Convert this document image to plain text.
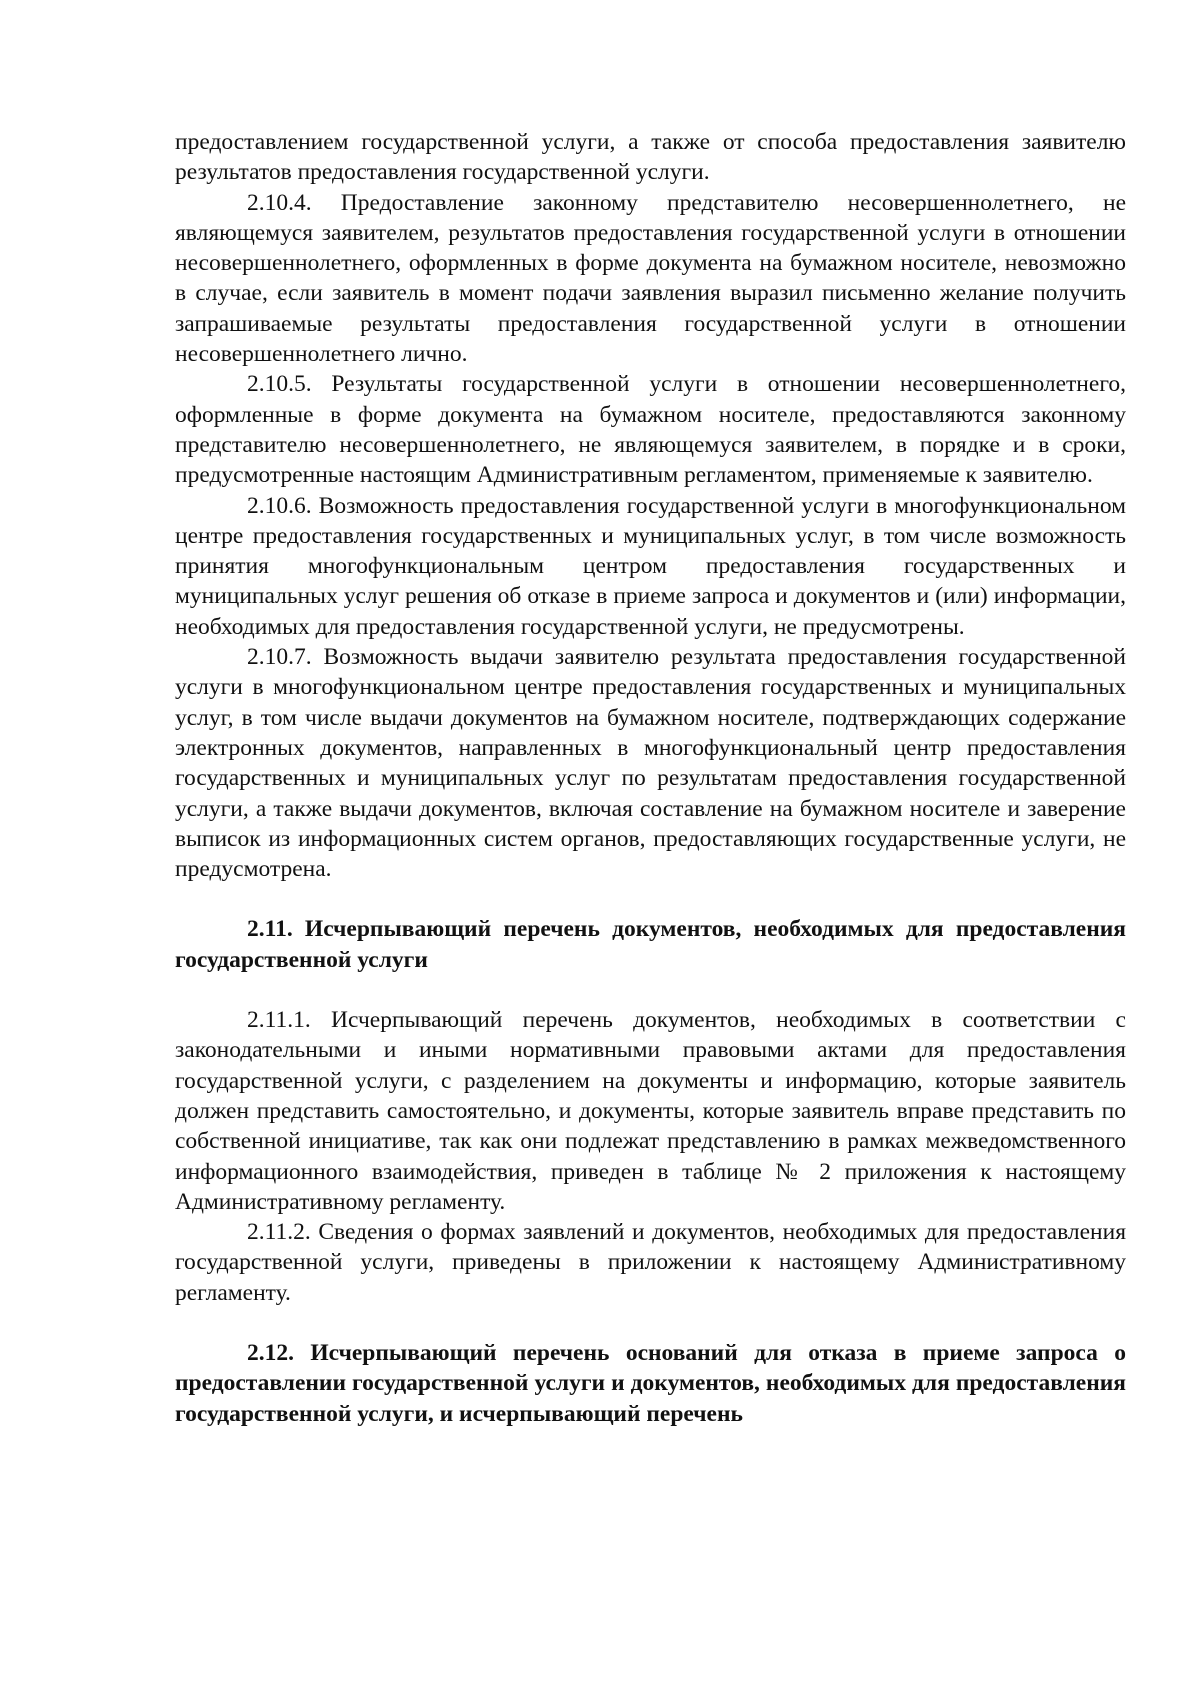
предоставлением государственной услуги, а также от способа предоставления заявителю результатов предоставления государственной услуги.

2.10.4. Предоставление законному представителю несовершеннолетнего, не являющемуся заявителем, результатов предоставления государственной услуги в отношении несовершеннолетнего, оформленных в форме документа на бумажном носителе, невозможно в случае, если заявитель в момент подачи заявления выразил письменно желание получить запрашиваемые результаты предоставления государственной услуги в отношении несовершеннолетнего лично.

2.10.5. Результаты государственной услуги в отношении несовершеннолетнего, оформленные в форме документа на бумажном носителе, предоставляются законному представителю несовершеннолетнего, не являющемуся заявителем, в порядке и в сроки, предусмотренные настоящим Административным регламентом, применяемые к заявителю.

2.10.6. Возможность предоставления государственной услуги в многофункциональном центре предоставления государственных и муниципальных услуг, в том числе возможность принятия многофункциональным центром предоставления государственных и муниципальных услуг решения об отказе в приеме запроса и документов и (или) информации, необходимых для предоставления государственной услуги, не предусмотрены.

2.10.7. Возможность выдачи заявителю результата предоставления государственной услуги в многофункциональном центре предоставления государственных и муниципальных услуг, в том числе выдачи документов на бумажном носителе, подтверждающих содержание электронных документов, направленных в многофункциональный центр предоставления государственных и муниципальных услуг по результатам предоставления государственной услуги, а также выдачи документов, включая составление на бумажном носителе и заверение выписок из информационных систем органов, предоставляющих государственные услуги, не предусмотрена.

2.11. Исчерпывающий перечень документов, необходимых для предоставления государственной услуги

2.11.1. Исчерпывающий перечень документов, необходимых в соответствии с законодательными и иными нормативными правовыми актами для предоставления государственной услуги, с разделением на документы и информацию, которые заявитель должен представить самостоятельно, и документы, которые заявитель вправе представить по собственной инициативе, так как они подлежат представлению в рамках межведомственного информационного взаимодействия, приведен в таблице № 2 приложения к настоящему Административному регламенту.

2.11.2. Сведения о формах заявлений и документов, необходимых для предоставления государственной услуги, приведены в приложении к настоящему Административному регламенту.

2.12. Исчерпывающий перечень оснований для отказа в приеме запроса о предоставлении государственной услуги и документов, необходимых для предоставления государственной услуги, и исчерпывающий перечень
